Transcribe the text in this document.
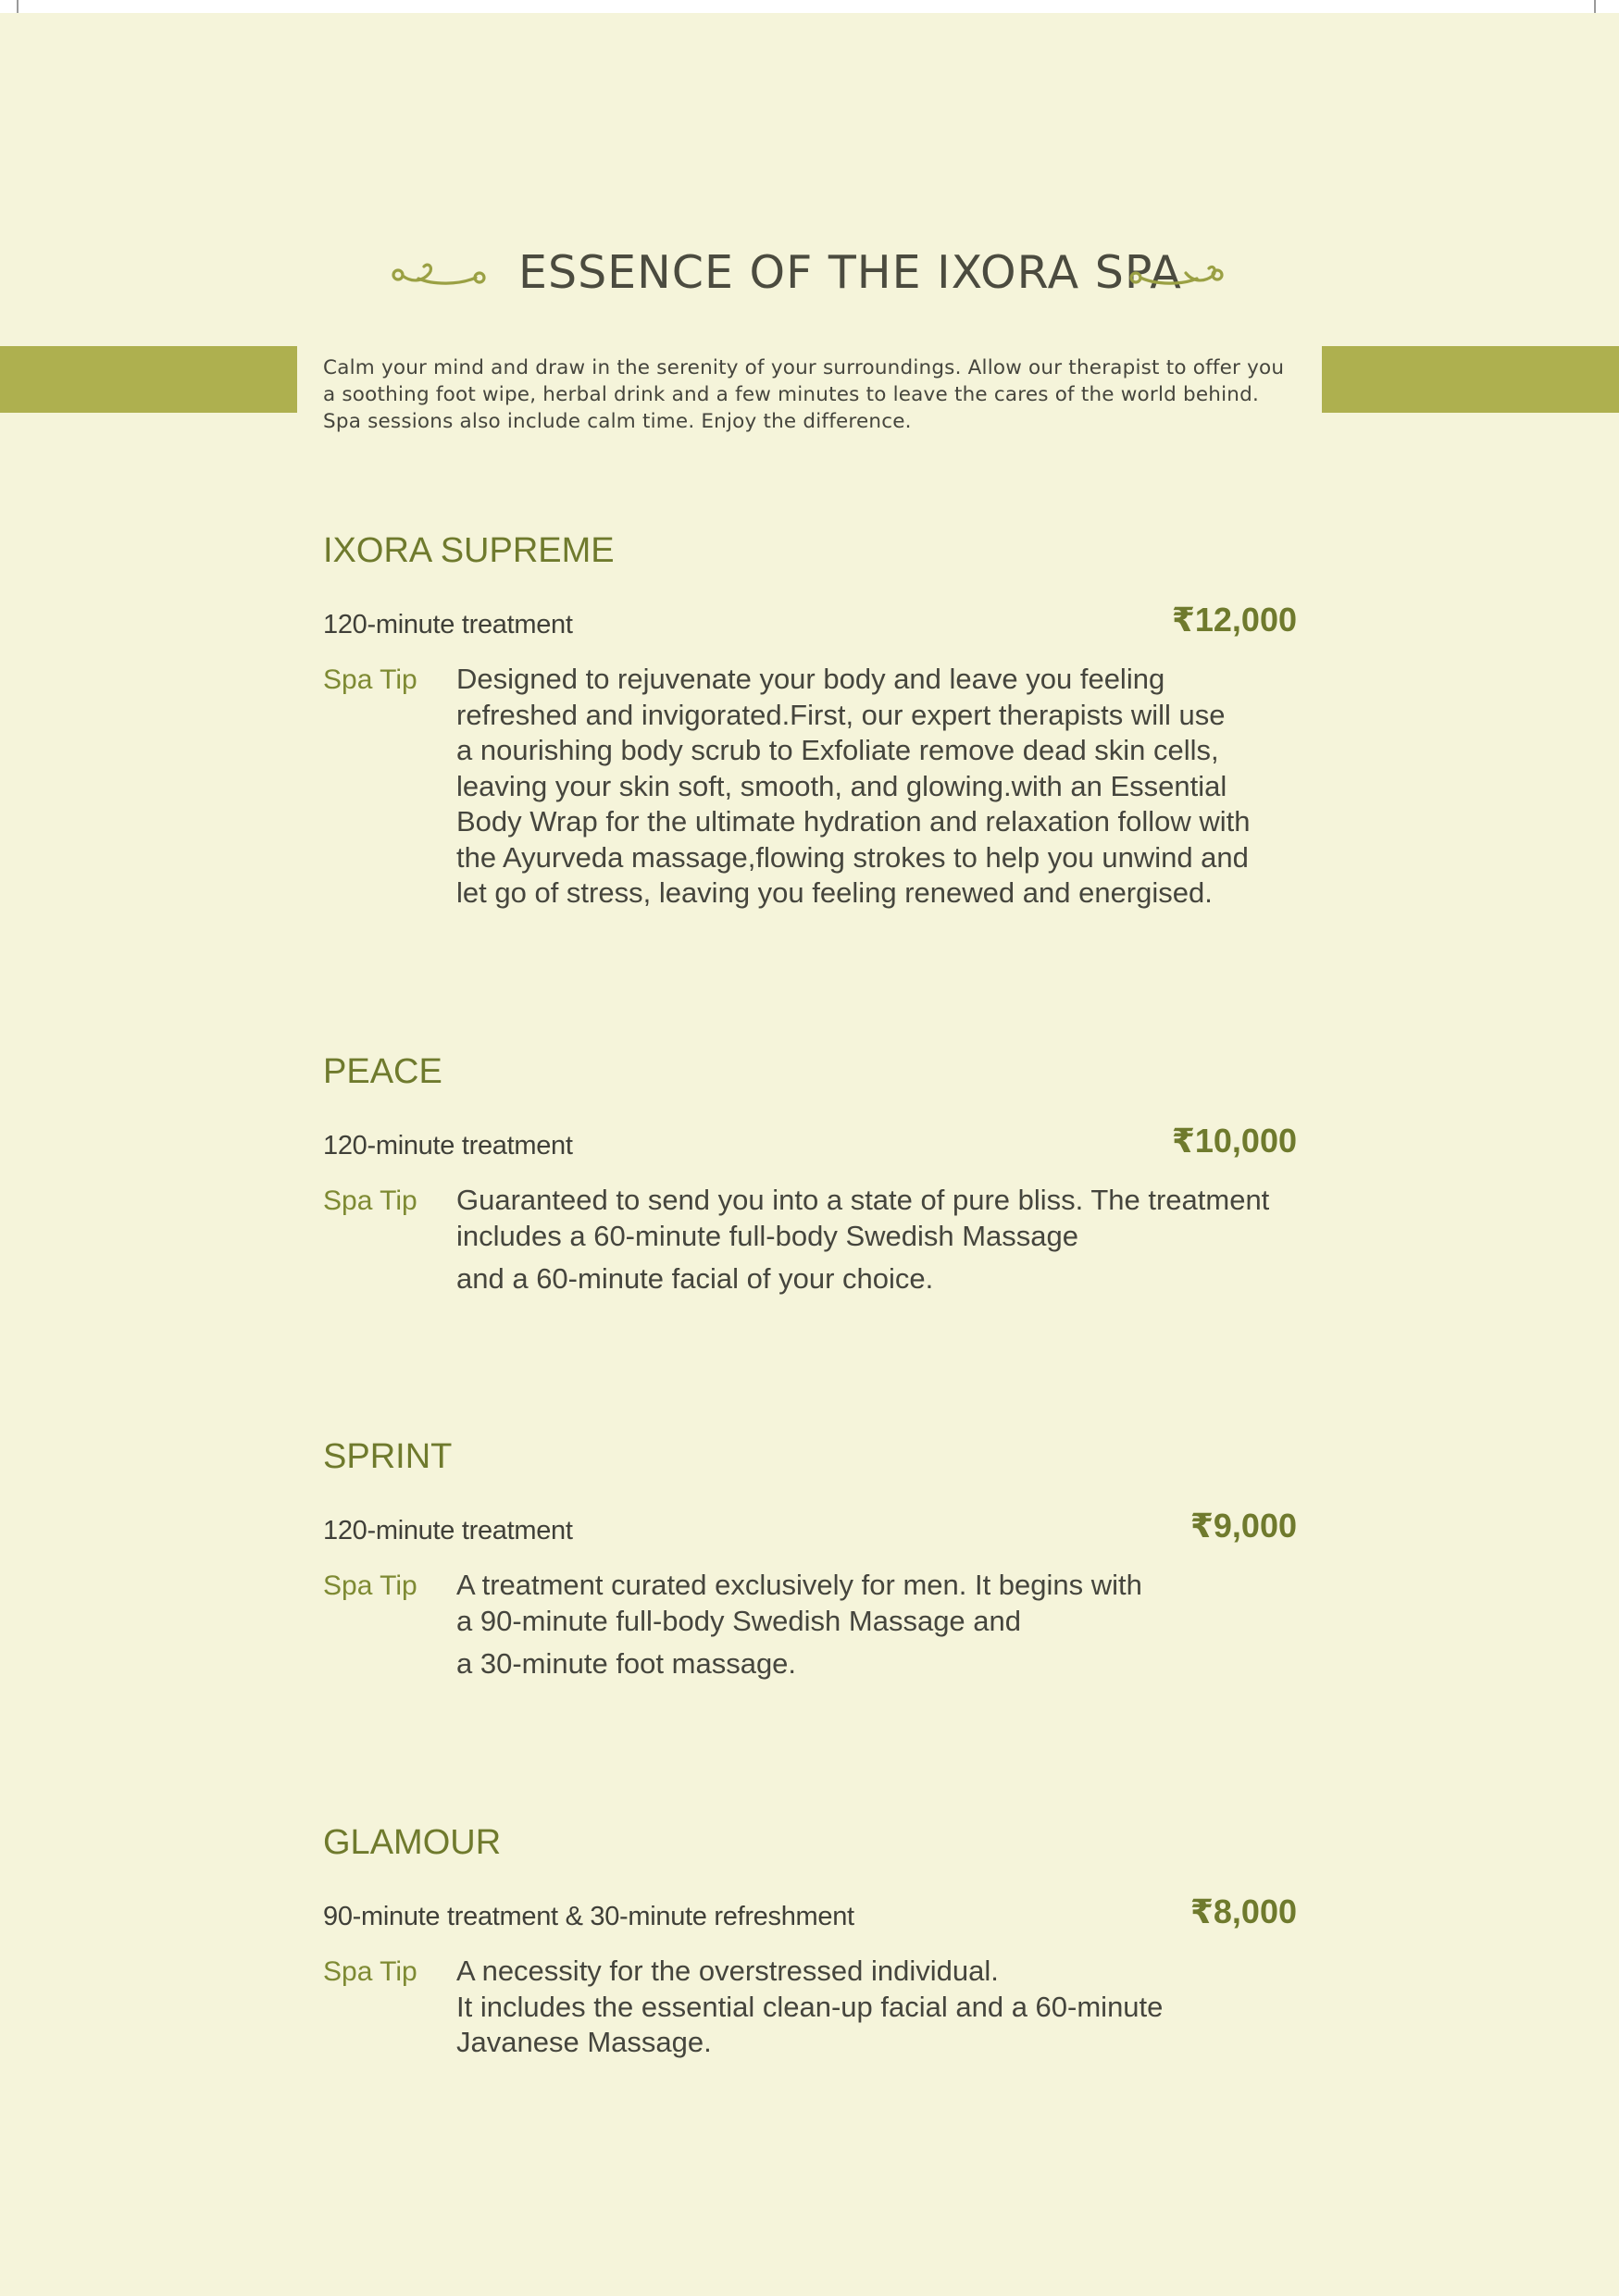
ESSENCE OF THE IXORA SPA
Calm your mind and draw in the serenity of your surroundings. Allow our therapist to offer you
a soothing foot wipe, herbal drink and a few minutes to leave the cares of the world behind.
Spa sessions also include calm time. Enjoy the difference.
IXORA SUPREME
120-minute treatment	₹12,000
Spa Tip Designed to rejuvenate your body and leave you feeling
refreshed and invigorated.First, our expert therapists will use
a nourishing body scrub to Exfoliate remove dead skin cells,
leaving your skin soft, smooth, and glowing.with an Essential
Body Wrap for the ultimate hydration and relaxation follow with
the Ayurveda massage,flowing strokes to help you unwind and
let go of stress, leaving you feeling renewed and energised.
PEACE
120-minute treatment	₹10,000
Spa Tip Guaranteed to send you into a state of pure bliss. The treatment
includes a 60-minute full-body Swedish Massage
and a 60-minute facial of your choice.
SPRINT
120-minute treatment	₹9,000
Spa Tip A treatment curated exclusively for men. It begins with
a 90-minute full-body Swedish Massage and
a 30-minute foot massage.
GLAMOUR
90-minute treatment & 30-minute refreshment	₹8,000
Spa Tip A necessity for the overstressed individual.
It includes the essential clean-up facial and a 60-minute
Javanese Massage.
